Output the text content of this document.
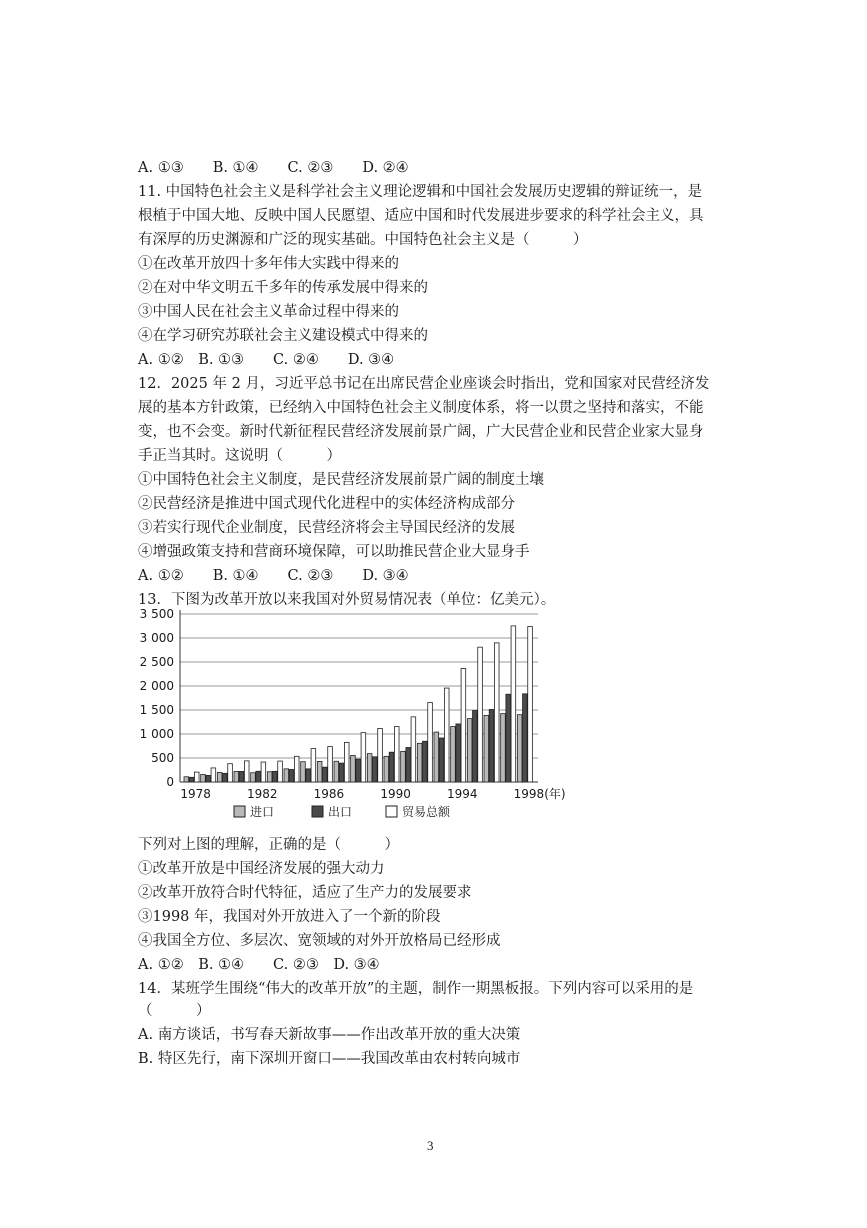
A. ①③　　B. ①④　　C. ②③　　D. ②④
11. 中国特色社会主义是科学社会主义理论逻辑和中国社会发展历史逻辑的辩证统一，是
根植于中国大地、反映中国人民愿望、适应中国和时代发展进步要求的科学社会主义，具
有深厚的历史渊源和广泛的现实基础。中国特色社会主义是（　　　）
①在改革开放四十多年伟大实践中得来的
②在对中华文明五千多年的传承发展中得来的
③中国人民在社会主义革命过程中得来的
④在学习研究苏联社会主义建设模式中得来的
A. ①②　B. ①③　　C. ②④　　D. ③④
12．2025 年 2 月，习近平总书记在出席民营企业座谈会时指出，党和国家对民营经济发
展的基本方针政策，已经纳入中国特色社会主义制度体系，将一以贯之坚持和落实，不能
变，也不会变。新时代新征程民营经济发展前景广阔，广大民营企业和民营企业家大显身
手正当其时。这说明（　　　）
①中国特色社会主义制度，是民营经济发展前景广阔的制度土壤
②民营经济是推进中国式现代化进程中的实体经济构成部分
③若实行现代企业制度，民营经济将会主导国民经济的发展
④增强政策支持和营商环境保障，可以助推民营企业大显身手
A. ①②　　B. ①④　　C. ②③　　D. ③④
13．下图为改革开放以来我国对外贸易情况表（单位：亿美元）。
0
500
1 000
1 500
2 000
2 500
3 000
3 500
1978	1982	1986	1990	1994	1998(年)
进口	出口	贸易总额
下列对上图的理解，正确的是（　　　）
①改革开放是中国经济发展的强大动力
②改革开放符合时代特征，适应了生产力的发展要求
③1998 年，我国对外开放进入了一个新的阶段
④我国全方位、多层次、宽领域的对外开放格局已经形成
A. ①②　B. ①④　　C. ②③　D. ③④
14．某班学生围绕“伟大的改革开放”的主题，制作一期黑板报。下列内容可以采用的是
（　　　）
A. 南方谈话，书写春天新故事——作出改革开放的重大决策
B. 特区先行，南下深圳开窗口——我国改革由农村转向城市
3
